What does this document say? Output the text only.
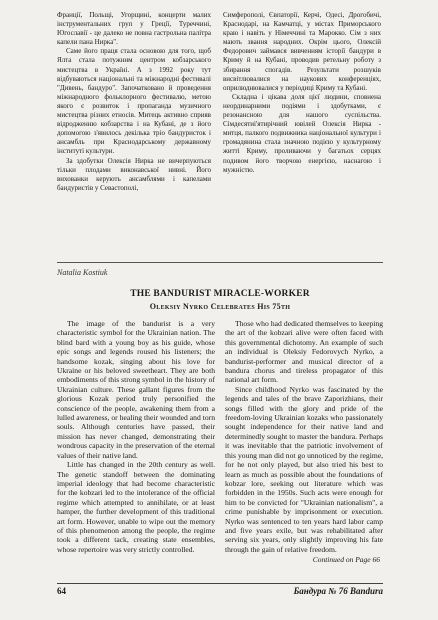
Франції, Польщі, Угорщині, концерти малих інструментальних груп у Греції, Туреччині, Югославії - це далеко не повна гастрольна палітра капели пана Нирка".

Саме його праця стала основою для того, щоб Ялта стала потужним центром кобзарського мистецтва в Україні. А з 1992 року тут відбуваються національні та міжнародні фестивалі "Дивень, бандуро". Започатковано й проведення міжнародного фольклорного фестивалю, метою якого є розвиток і пропаганда музичного мистецтва різних етносів. Митець активно сприяв відродженню кобзарства і на Кубані, де з його допомогою з'явилось декілька тріо бандуристок і ансамбль при Краснодарському державному інституті культури.

За здобутки Олексія Нирка не вичерпуються тільки плодами виконавської нивні. Його вихованки керують ансамблями і капелами бандуристів у Севастополі,

Симферополі, Євпаторії, Керчі, Одесі, Дрогобичі, Краснодарі, на Камчатці, у містах Приморського краю і навіть у Німеччині та Марокко. Сім з них мають звання народних. Окрім цього, Олексій Федорович займався вивченням історії бандури в Криму й на Кубані, проводив ретельну роботу з збирання спогадів. Результати розшуків висвітлювалися на наукових конференціях, оприлюднювалися у періодиці Криму та Кубані.

Складна і цікава доля цієї людини, сповнена неординарними подіями і здобутками, є резонансною для нашого суспільства. Сімдесятиі'ятирічний ювілей Олексія Нирка - митця, палкого подвижника національної культури і громадянина стала значною подією у культурному житті Криму, проливаючи у багатьох серцях подивом його творчою енергією, наснагою і мужністю.

Natalia Kostiuk
THE BANDURIST MIRACLE-WORKER
Oleksiy Nyrko Celebrates His 75th

The image of the bandurist is a very characteristic symbol for the Ukrainian nation. The blind bard with a young boy as his guide, whose epic songs and legends roused his listeners; the handsome kozak, singing about his love for Ukraine or his beloved sweetheart. They are both embodiments of this strong symbol in the history of Ukrainian culture. These gallant figures from the glorious Kozak period truly personified the conscience of the people, awakening them from a lulled awareness, or healing their wounded and torn souls. Although centuries have passed, their mission has never changed, demonstrating their wondrous capacity in the preservation of the eternal values of their native land.

Little has changed in the 20th century as well. The genetic standoff between the dominating imperial ideology that had become characteristic for the kobzari led to the intolerance of the official regime which attempted to annihilate, or at least hamper, the further development of this traditional art form. However, unable to wipe out the memory of this phenomenon among the people, the regime took a different tack, creating state ensembles, whose repertoire was very strictly controlled.

Those who had dedicated themselves to keeping the art of the kobzari alive were often faced with this governmental dichotomy. An example of such an individual is Oleksiy Fedorovych Nyrko, a bandurist-performer and musical director of a bandura chorus and tireless propagator of this national art form.

Since childhood Nyrko was fascinated by the legends and tales of the brave Zaporizhians, their songs filled with the glory and pride of the freedom-loving Ukrainian kozaks who passionately sought independence for their native land and determinedly sought to master the bandura. Perhaps it was inevitable that the patriotic involvement of this young man did not go unnoticed by the regime, for he not only played, but also tried his best to learn as much as possible about the foundations of kobzar lore, seeking out literature which was forbidden in the 1950s. Such acts were enough for him to be convicted for "Ukrainian nationalism", a crime punishable by imprisonment or execution. Nyrko was sentenced to ten years hard labor camp and five years exile, but was rehabilitated after serving six years, only slightly improving his fate through the gain of relative freedom.

Continued on Page 66
64	Бандура № 76 Bandura
